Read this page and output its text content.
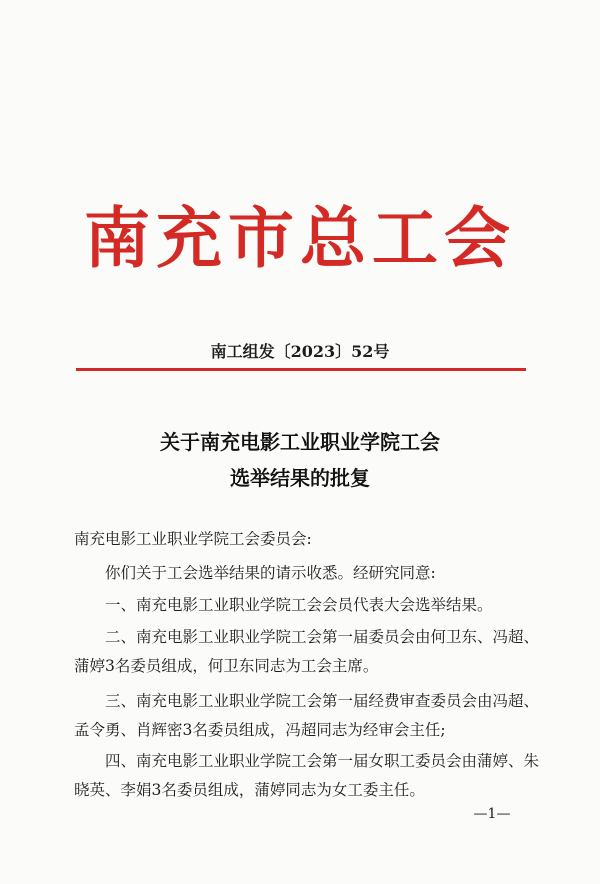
南充市总工会
南工组发〔2023〕52号
关于南充电影工业职业学院工会
选举结果的批复
南充电影工业职业学院工会委员会:
你们关于工会选举结果的请示收悉。经研究同意:
一、南充电影工业职业学院工会会员代表大会选举结果。
二、南充电影工业职业学院工会第一届委员会由何卫东、冯超、蒲婷3名委员组成，何卫东同志为工会主席。
三、南充电影工业职业学院工会第一届经费审查委员会由冯超、孟令勇、肖辉密3名委员组成，冯超同志为经审会主任;
四、南充电影工业职业学院工会第一届女职工委员会由蒲婷、朱晓英、李娟3名委员组成，蒲婷同志为女工委主任。
—1—
